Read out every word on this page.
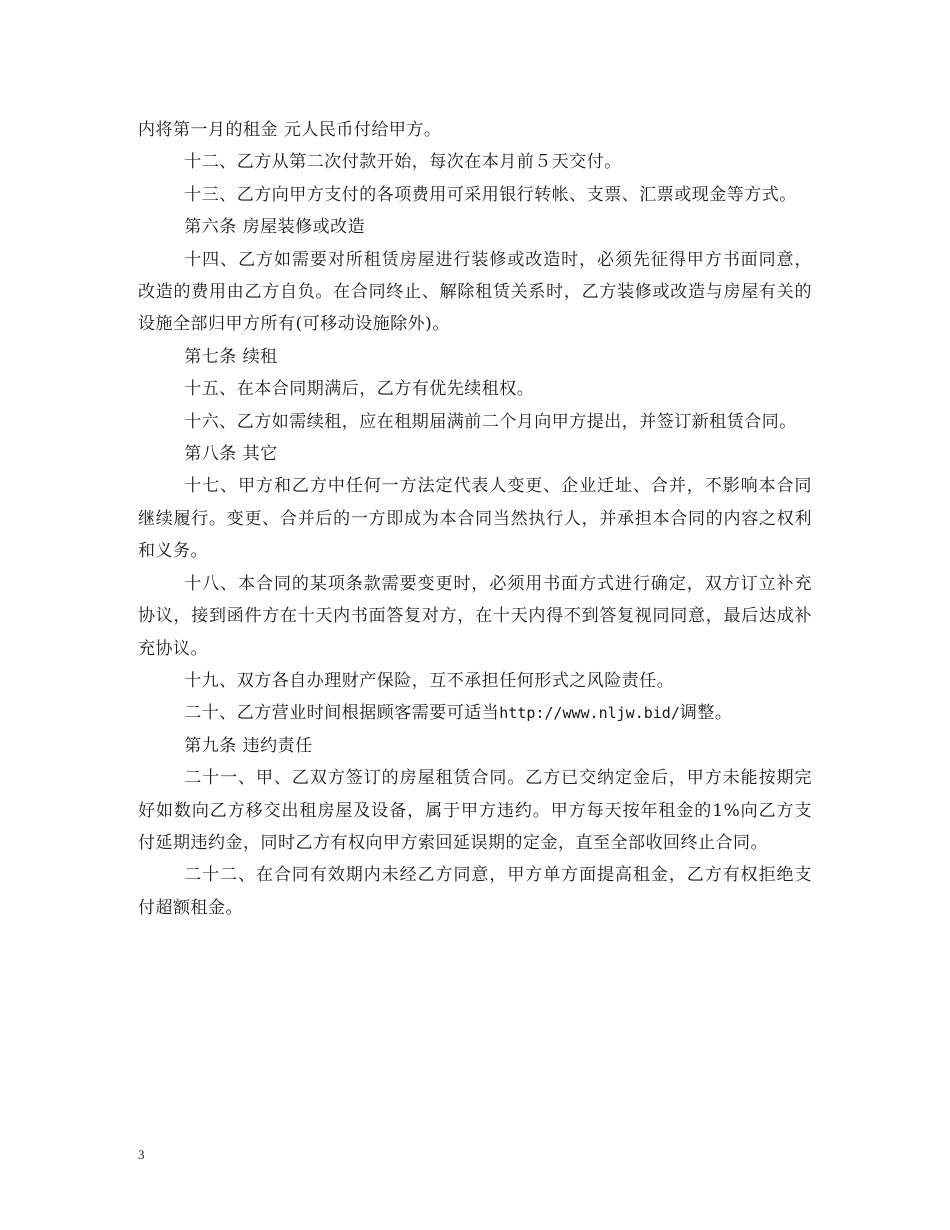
内将第一月的租金 元人民币付给甲方。

十二、乙方从第二次付款开始，每次在本月前５天交付。

十三、乙方向甲方支付的各项费用可采用银行转帐、支票、汇票或现金等方式。

第六条 房屋装修或改造

十四、乙方如需要对所租赁房屋进行装修或改造时，必须先征得甲方书面同意，改造的费用由乙方自负。在合同终止、解除租赁关系时，乙方装修或改造与房屋有关的设施全部归甲方所有(可移动设施除外)。

第七条 续租

十五、在本合同期满后，乙方有优先续租权。

十六、乙方如需续租，应在租期届满前二个月向甲方提出，并签订新租赁合同。

第八条 其它

十七、甲方和乙方中任何一方法定代表人变更、企业迁址、合并，不影响本合同继续履行。变更、合并后的一方即成为本合同当然执行人，并承担本合同的内容之权利和义务。

十八、本合同的某项条款需要变更时，必须用书面方式进行确定，双方订立补充协议，接到函件方在十天内书面答复对方，在十天内得不到答复视同同意，最后达成补充协议。

十九、双方各自办理财产保险，互不承担任何形式之风险责任。

二十、乙方营业时间根据顾客需要可适当http://www.nljw.bid/调整。

第九条 违约责任

二十一、甲、乙双方签订的房屋租赁合同。乙方已交纳定金后，甲方未能按期完好如数向乙方移交出租房屋及设备，属于甲方违约。甲方每天按年租金的1%向乙方支付延期违约金，同时乙方有权向甲方索回延误期的定金，直至全部收回终止合同。

二十二、在合同有效期内未经乙方同意，甲方单方面提高租金，乙方有权拒绝支付超额租金。

3
